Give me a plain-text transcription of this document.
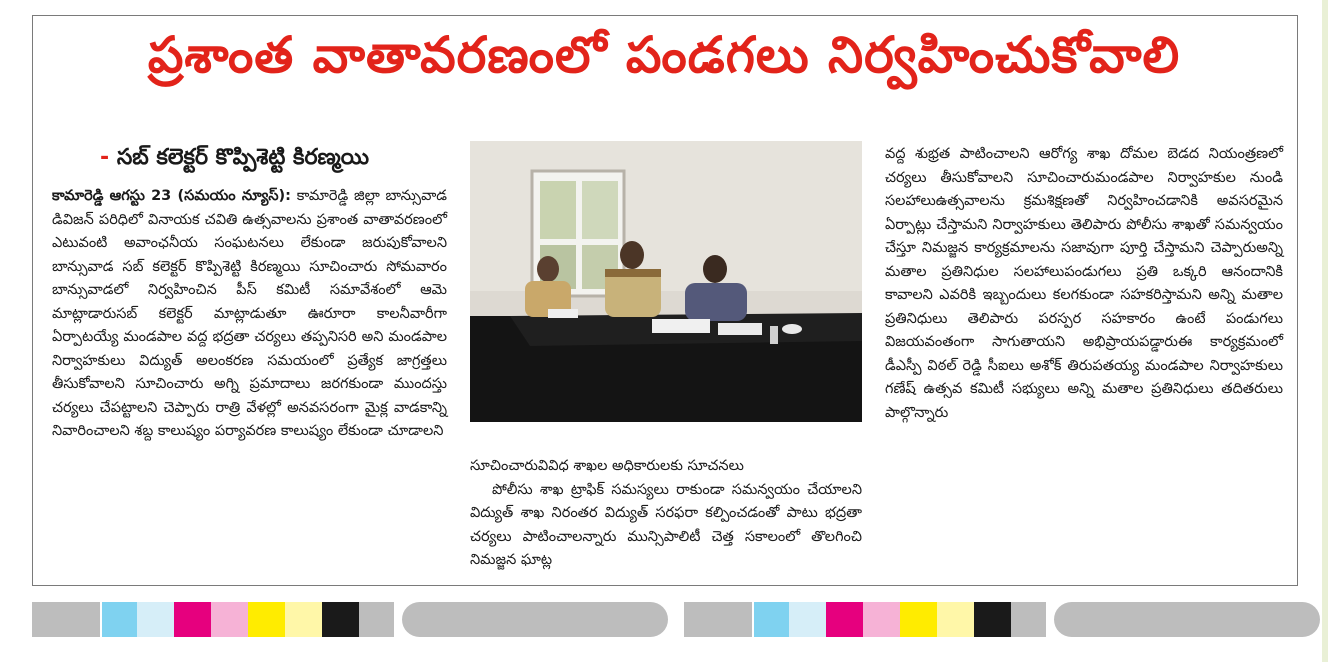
ప్రశాంత వాతావరణంలో పండగలు నిర్వహించుకోవాలి
- సబ్ కలెక్టర్ కొప్పిశెట్టి కిరణ్మయి
కామారెడ్డి ఆగస్టు 23 (సమయం న్యూస్): కామారెడ్డి జిల్లా బాన్సువాడ డివిజన్ పరిధిలో వినాయక చవితి ఉత్సవాలను ప్రశాంత వాతావరణంలో ఎటువంటి అవాంఛనీయ సంఘటనలు లేకుండా జరుపుకోవాలని బాన్సువాడ సబ్ కలెక్టర్ కొప్పిశెట్టి కిరణ్మయి సూచించారు సోమవారం బాన్సువాడలో నిర్వహించిన పీస్ కమిటీ సమావేశంలో ఆమె మాట్లాడారుసబ్ కలెక్టర్ మాట్లాడుతూ ఊరూరా కాలనీవారీగా ఏర్పాటయ్యే మండపాల వద్ద భద్రతా చర్యలు తప్పనిసరి అని మండపాల నిర్వాహకులు విద్యుత్ అలంకరణ సమయంలో ప్రత్యేక జాగ్రత్తలు తీసుకోవాలని సూచించారు అగ్ని ప్రమాదాలు జరగకుండా ముందస్తు చర్యలు చేపట్టాలని చెప్పారు రాత్రి వేళల్లో అనవసరంగా మైక్ల వాడకాన్ని నివారించాలని శబ్ద కాలుష్యం పర్యావరణ కాలుష్యం లేకుండా చూడాలని
సూచించారువివిధ శాఖల అధికారులకు సూచనలు
పోలీసు శాఖ ట్రాఫిక్ సమస్యలు రాకుండా సమన్వయం చేయాలని విద్యుత్ శాఖ నిరంతర విద్యుత్ సరఫరా కల్పించడంతో పాటు భద్రతా చర్యలు పాటించాలన్నారు మున్సిపాలిటీ చెత్త సకాలంలో తొలగించి నిమజ్జన ఘాట్ల
వద్ద శుభ్రత పాటించాలని ఆరోగ్య శాఖ దోమల బెడద నియంత్రణలో చర్యలు తీసుకోవాలని సూచించారుమండపాల నిర్వాహకుల నుండి సలహాలుఉత్సవాలను క్రమశిక్షణతో నిర్వహించడానికి అవసరమైన ఏర్పాట్లు చేస్తామని నిర్వాహకులు తెలిపారు పోలీసు శాఖతో సమన్వయం చేస్తూ నిమజ్జన కార్యక్రమాలను సజావుగా పూర్తి చేస్తామని చెప్పారుఅన్ని మతాల ప్రతినిధుల సలహాలుపండుగలు ప్రతి ఒక్కరి ఆనందానికి కావాలని ఎవరికి ఇబ్బందులు కలగకుండా సహకరిస్తామని అన్ని మతాల ప్రతినిధులు తెలిపారు పరస్పర సహకారం ఉంటే పండుగలు విజయవంతంగా సాగుతాయని అభిప్రాయపడ్డారుఈ కార్యక్రమంలో డీఎస్పీ విఠల్ రెడ్డి సీఐలు అశోక్ తిరుపతయ్య మండపాల నిర్వాహకులు గణేష్ ఉత్సవ కమిటీ సభ్యులు అన్ని మతాల ప్రతినిధులు తదితరులు పాల్గొన్నారు
